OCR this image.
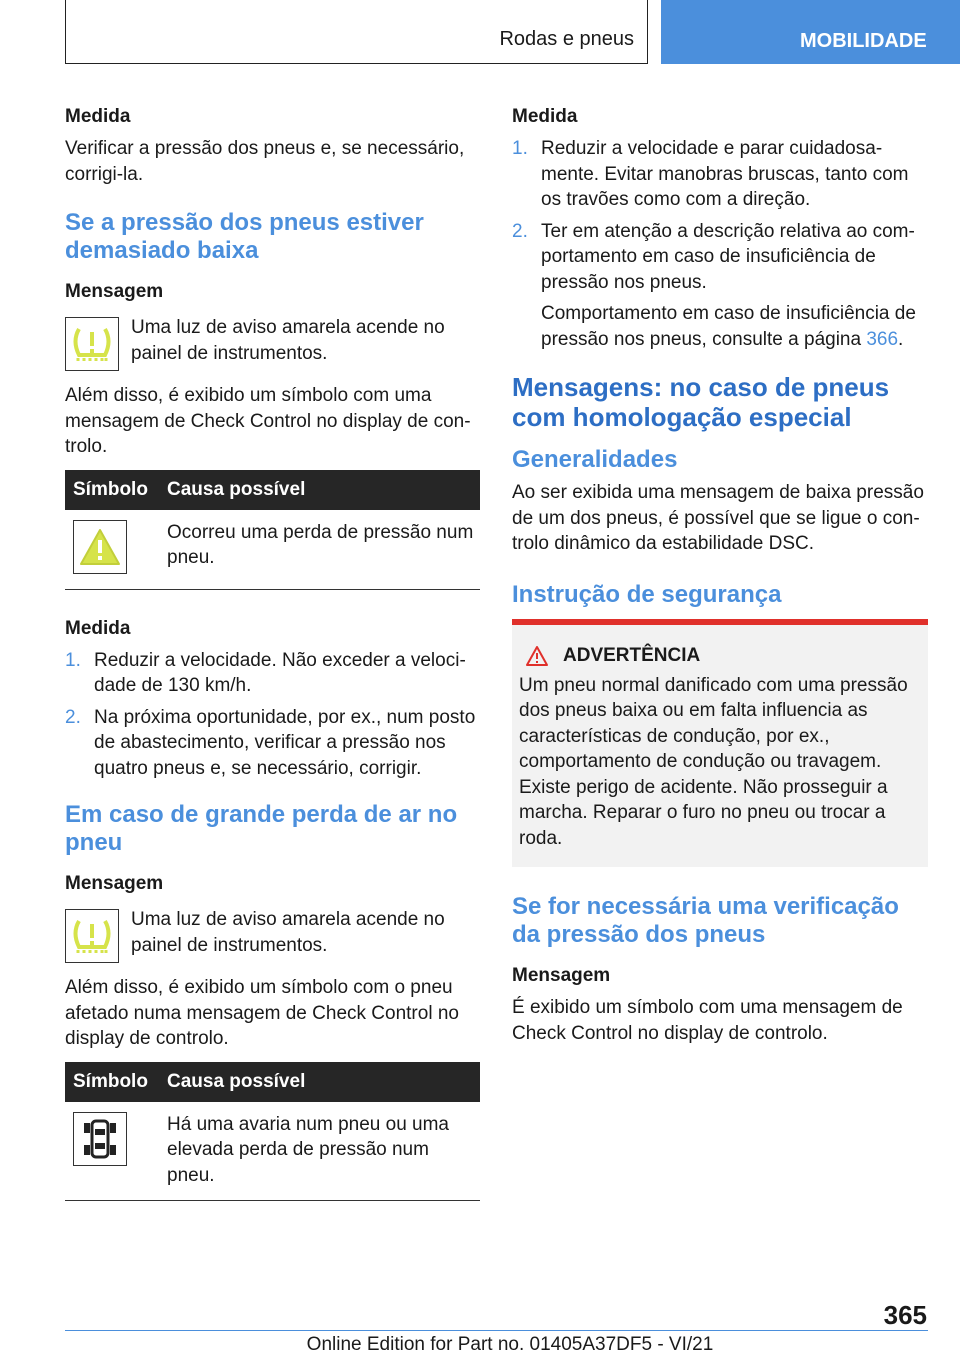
Rodas e pneus	MOBILIDADE
Medida

Verificar a pressão dos pneus e, se necessário, corrigi-la.

Se a pressão dos pneus estiver demasiado baixa
Mensagem

Uma luz de aviso amarela acende no painel de instrumentos.

Além disso, é exibido um símbolo com uma mensagem de Check Control no display de controlo.

Símbolo	Causa possível

	Ocorreu uma perda de pressão num pneu.
Medida
1. Reduzir a velocidade. Não exceder a velocidade de 130 km/h.
2. Na próxima oportunidade, por ex., num posto de abastecimento, verificar a pressão nos quatro pneus e, se necessário, corrigir.
Em caso de grande perda de ar no pneu
Mensagem

Uma luz de aviso amarela acende no painel de instrumentos.

Além disso, é exibido um símbolo com o pneu afetado numa mensagem de Check Control no display de controlo.

Símbolo	Causa possível

	Há uma avaria num pneu ou uma elevada perda de pressão num pneu.
Medida
1. Reduzir a velocidade e parar cuidadosamente. Evitar manobras bruscas, tanto com os travões como com a direção.
2. Ter em atenção a descrição relativa ao comportamento em caso de insuficiência de pressão nos pneus.

Comportamento em caso de insuficiência de pressão nos pneus, consulte a página 366.

Mensagens: no caso de pneus com homologação especial
Generalidades

Ao ser exibida uma mensagem de baixa pressão de um dos pneus, é possível que se ligue o controlo dinâmico da estabilidade DSC.

Instrução de segurança
ADVERTÊNCIA

Um pneu normal danificado com uma pressão dos pneus baixa ou em falta influencia as características de condução, por ex., comportamento de condução ou travagem. Existe perigo de acidente. Não prosseguir a marcha. Reparar o furo no pneu ou trocar a roda.

Se for necessária uma verificação da pressão dos pneus
Mensagem

É exibido um símbolo com uma mensagem de Check Control no display de controlo.

365
Online Edition for Part no. 01405A37DF5 - VI/21
